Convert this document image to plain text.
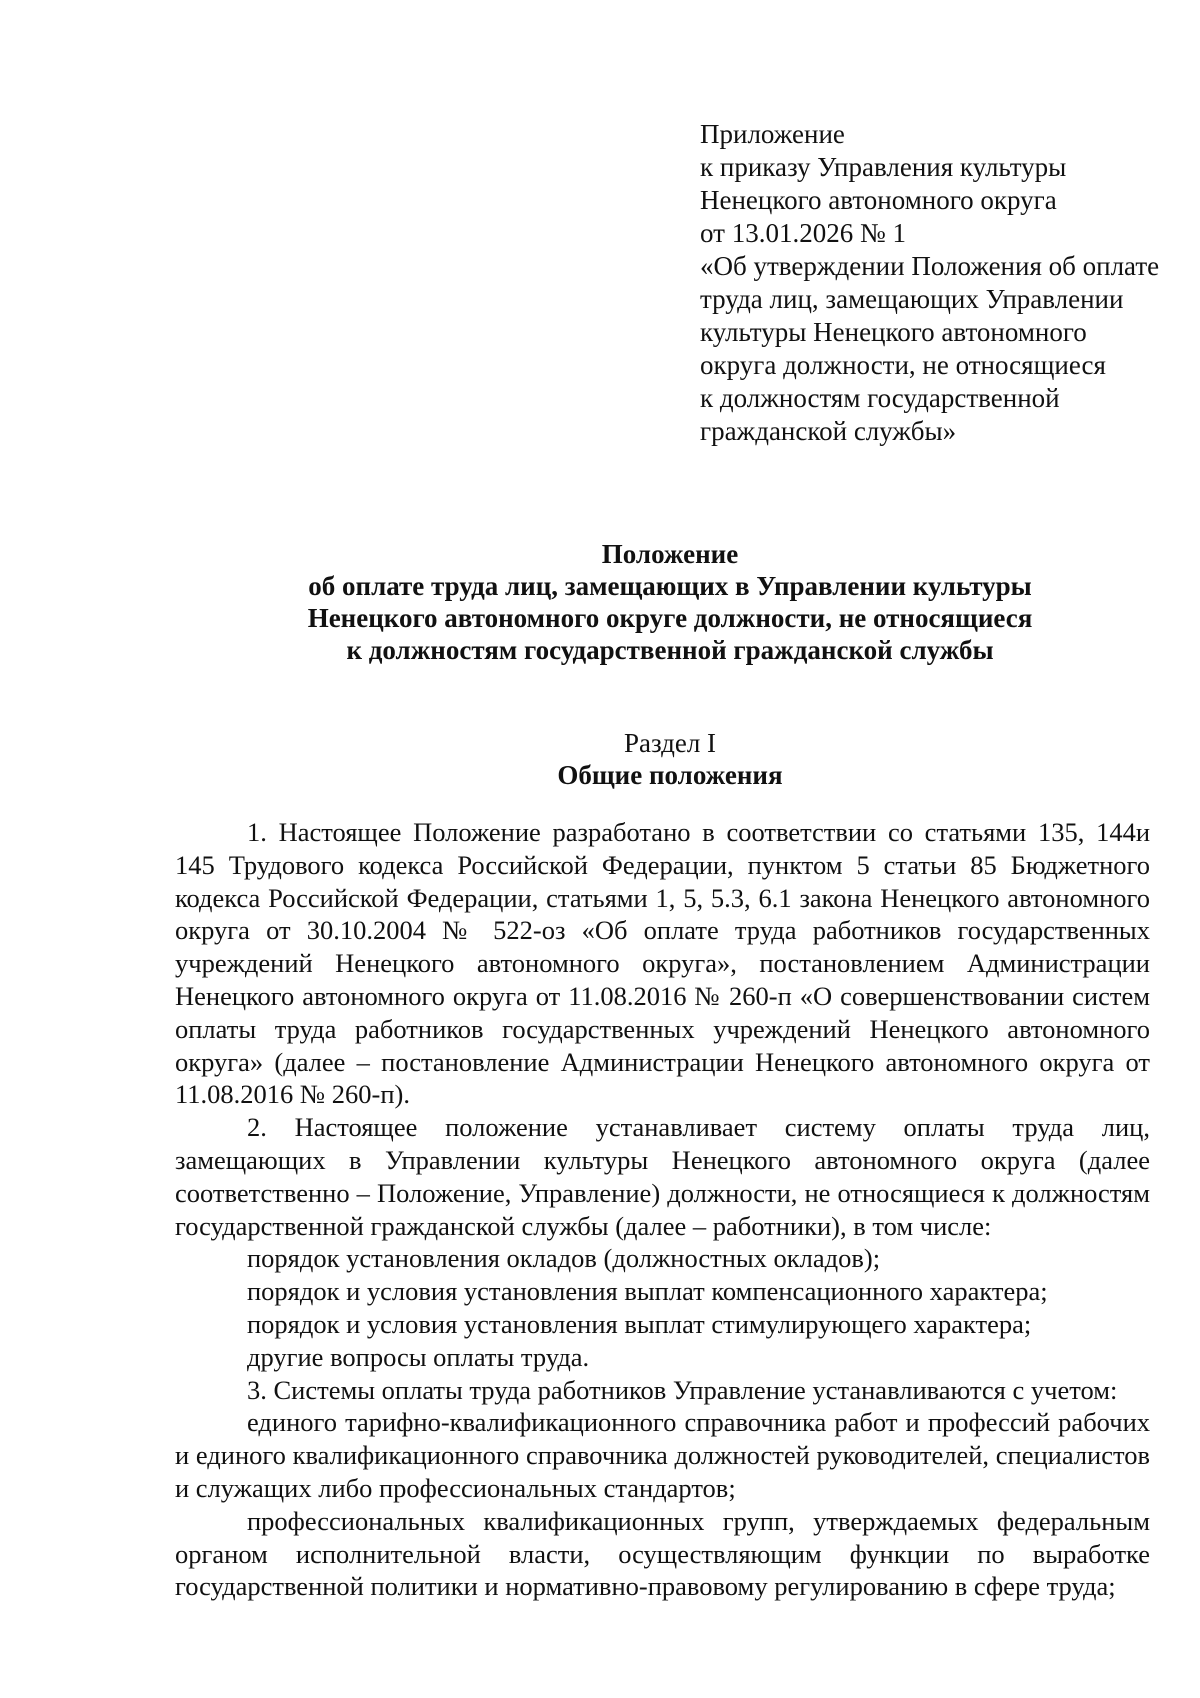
Приложение
к приказу Управления культуры
Ненецкого автономного округа
от 13.01.2026 № 1
«Об утверждении Положения об оплате
труда лиц, замещающих Управлении
культуры Ненецкого автономного
округа должности, не относящиеся
к должностям государственной
гражданской службы»
Положение
об оплате труда лиц, замещающих в Управлении культуры
Ненецкого автономного округе должности, не относящиеся
к должностям государственной гражданской службы
Раздел I
Общие положения

1. Настоящее Положение разработано в соответствии со статьями 135, 144и 145 Трудового кодекса Российской Федерации, пунктом 5 статьи 85 Бюджетного кодекса Российской Федерации, статьями 1, 5, 5.3, 6.1 закона Ненецкого автономного округа от 30.10.2004 № 522-оз «Об оплате труда работников государственных учреждений Ненецкого автономного округа», постановлением Администрации Ненецкого автономного округа от 11.08.2016 № 260-п «О совершенствовании систем оплаты труда работников государственных учреждений Ненецкого автономного округа» (далее – постановление Администрации Ненецкого автономного округа от 11.08.2016 № 260-п).

2. Настоящее положение устанавливает систему оплаты труда лиц, замещающих в Управлении культуры Ненецкого автономного округа (далее соответственно – Положение, Управление) должности, не относящиеся к должностям государственной гражданской службы (далее – работники), в том числе:

порядок установления окладов (должностных окладов);

порядок и условия установления выплат компенсационного характера;

порядок и условия установления выплат стимулирующего характера;

другие вопросы оплаты труда.

3. Системы оплаты труда работников Управление устанавливаются с учетом:

единого тарифно-квалификационного справочника работ и профессий рабочих и единого квалификационного справочника должностей руководителей, специалистов и служащих либо профессиональных стандартов;

профессиональных квалификационных групп, утверждаемых федеральным органом исполнительной власти, осуществляющим функции по выработке государственной политики и нормативно-правовому регулированию в сфере труда;
